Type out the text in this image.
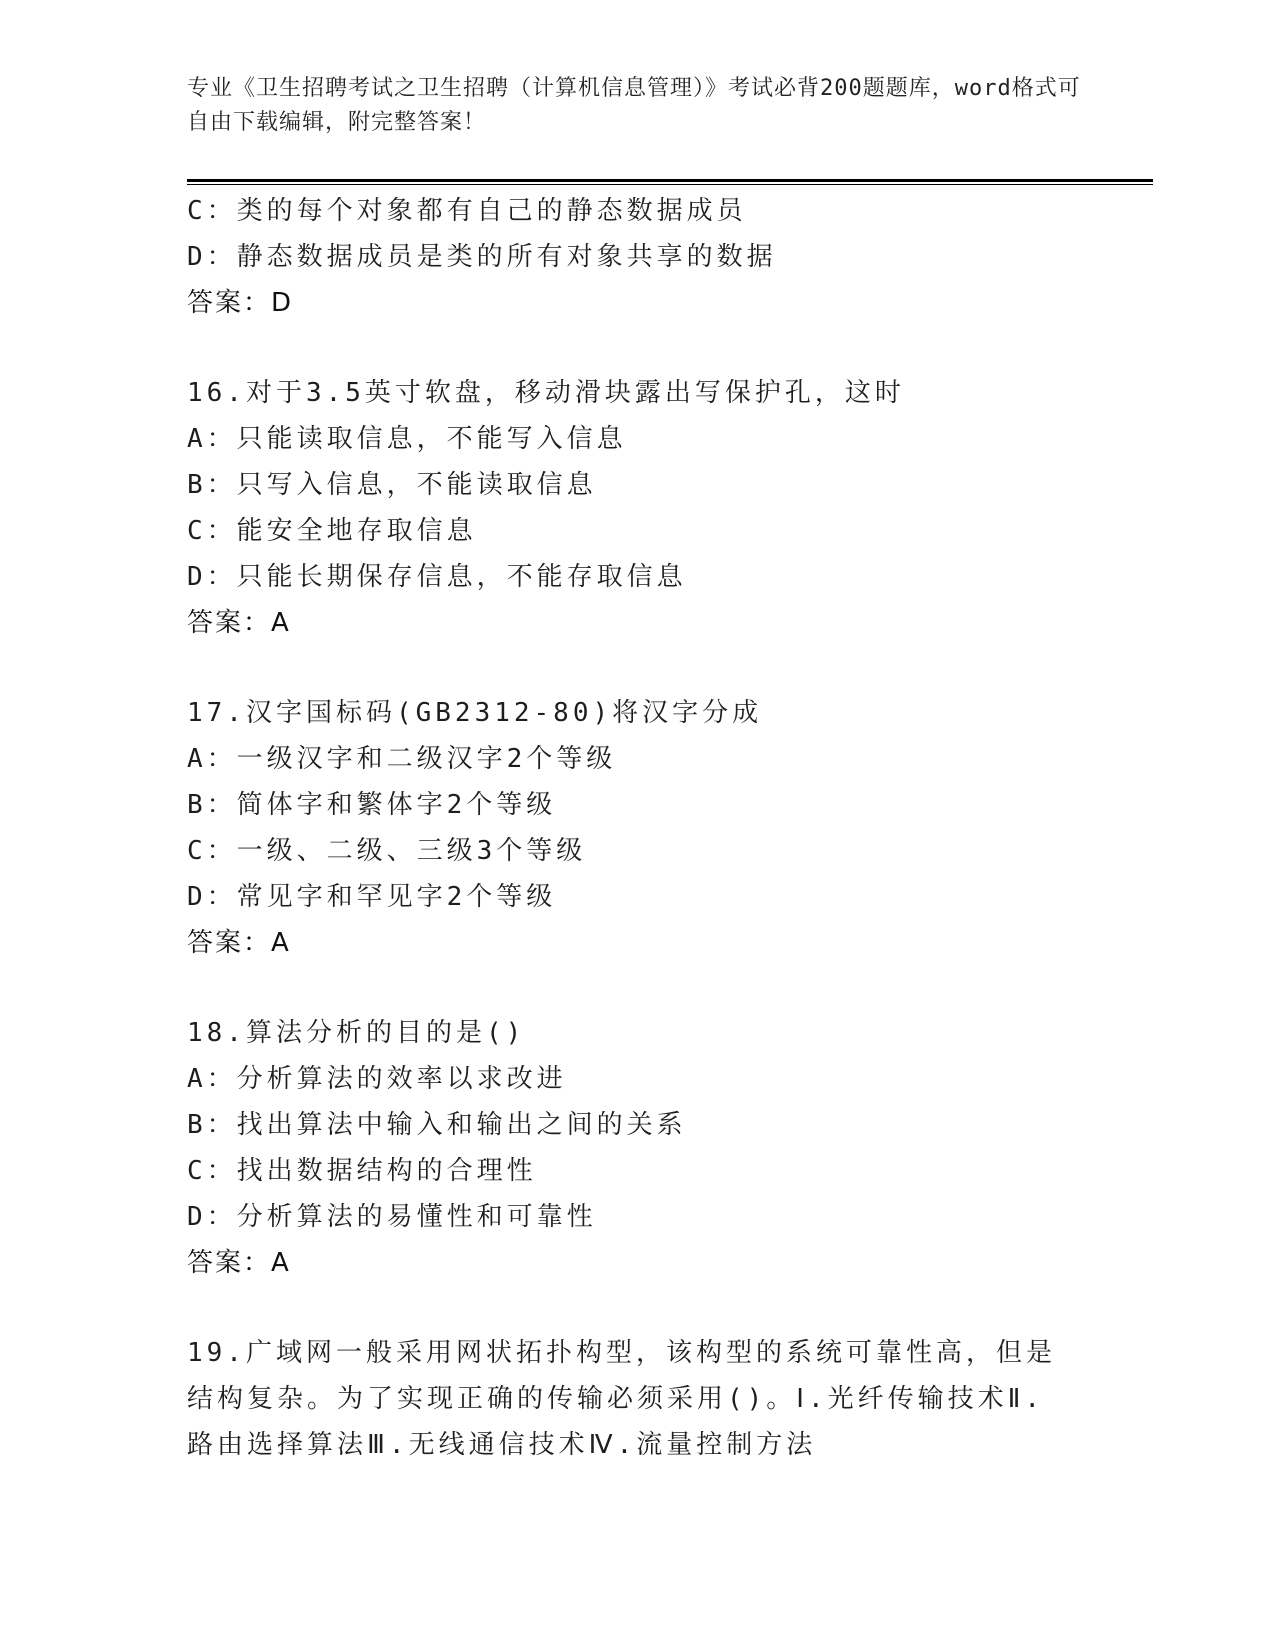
专业《卫生招聘考试之卫生招聘（计算机信息管理）》考试必背200题题库，word格式可自由下载编辑，附完整答案！
C：类的每个对象都有自己的静态数据成员
D：静态数据成员是类的所有对象共享的数据
答案：D
16.对于3.5英寸软盘，移动滑块露出写保护孔，这时
A：只能读取信息，不能写入信息
B：只写入信息，不能读取信息
C：能安全地存取信息
D：只能长期保存信息，不能存取信息
答案：A
17.汉字国标码(GB2312-80)将汉字分成
A：一级汉字和二级汉字2个等级
B：简体字和繁体字2个等级
C：一级、二级、三级3个等级
D：常见字和罕见字2个等级
答案：A
18.算法分析的目的是()
A：分析算法的效率以求改进
B：找出算法中输入和输出之间的关系
C：找出数据结构的合理性
D：分析算法的易懂性和可靠性
答案：A
19.广域网一般采用网状拓扑构型，该构型的系统可靠性高，但是结构复杂。为了实现正确的传输必须采用()。Ⅰ.光纤传输技术Ⅱ.路由选择算法Ⅲ.无线通信技术Ⅳ.流量控制方法
